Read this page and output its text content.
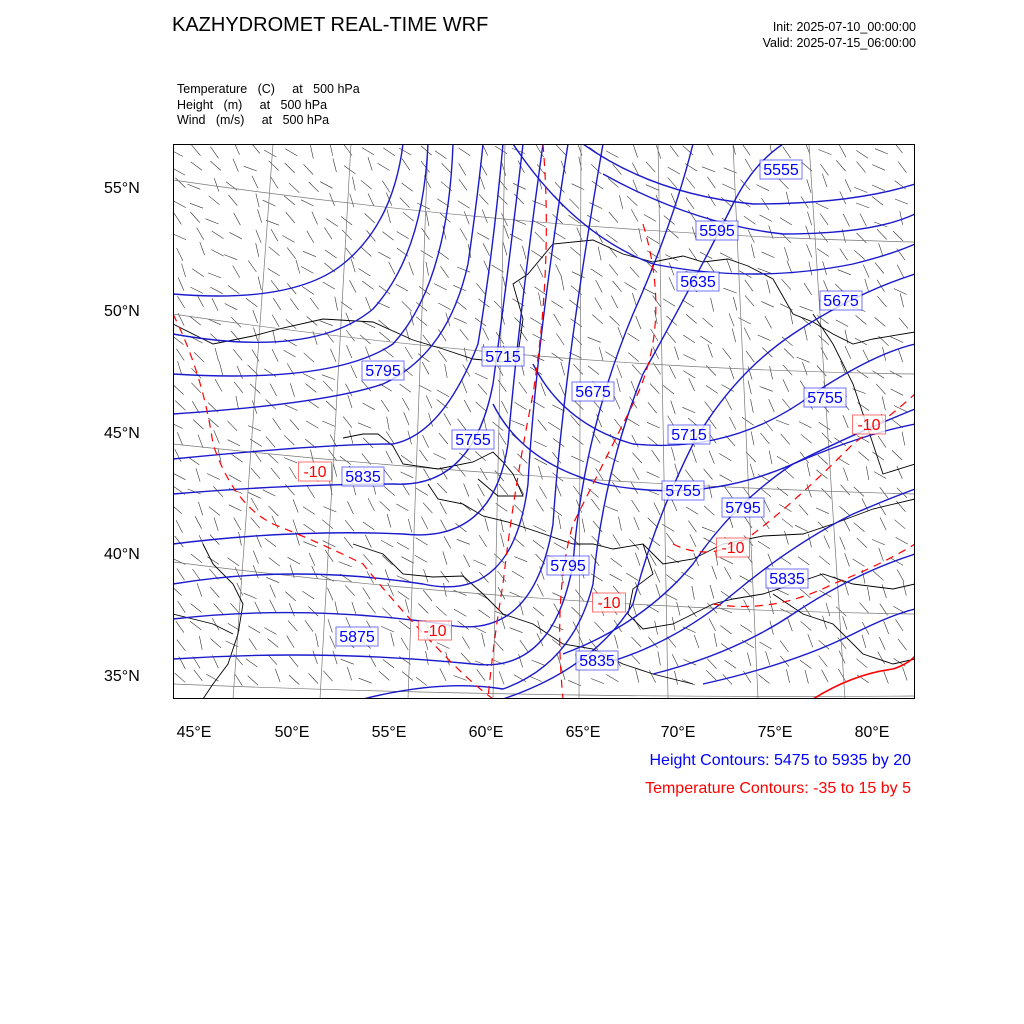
KAZHYDROMET REAL-TIME WRF	Init: 2025-07-10_00:00:00
Valid: 2025-07-15_06:00:00
Temperature   (C)     at   500 hPa
Height   (m)     at   500 hPa
Wind   (m/s)     at   500 hPa
55°N
50°N
45°N
40°N
35°N
45°E	50°E	55°E	60°E	65°E	70°E	75°E	80°E
Height Contours: 5475 to 5935 by 20
Temperature Contours: -35 to 15 by 5
5555
5595
5635
5675
5715
5795
5675	5755
5715
5755
5835
5755
5795
5795
5835
5875
5835
-10
-10
-10
-10
-10
